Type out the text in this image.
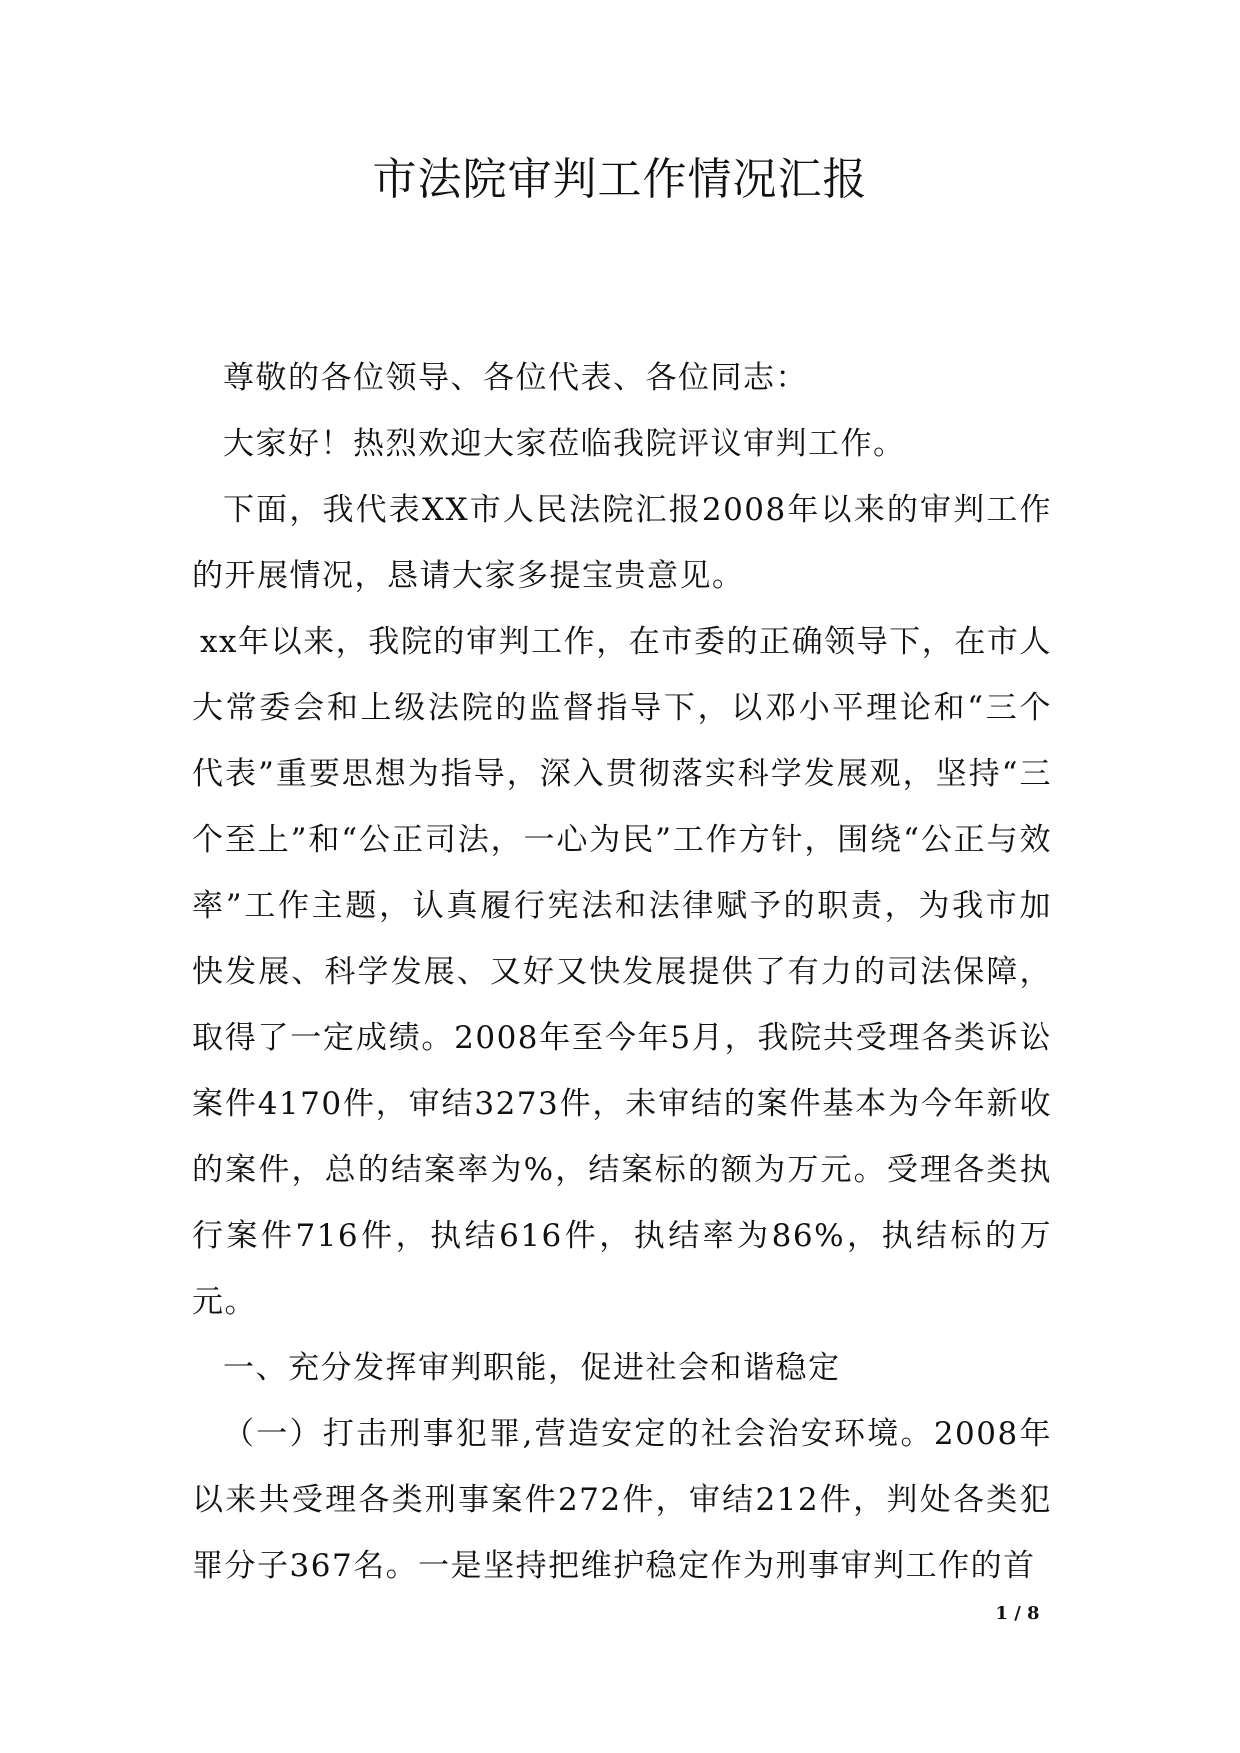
市法院审判工作情况汇报

尊敬的各位领导、各位代表、各位同志：

大家好！热烈欢迎大家莅临我院评议审判工作。

下面，我代表XX市人民法院汇报2008年以来的审判工作的开展情况，恳请大家多提宝贵意见。

xx年以来，我院的审判工作，在市委的正确领导下，在市人大常委会和上级法院的监督指导下，以邓小平理论和“三个代表”重要思想为指导，深入贯彻落实科学发展观，坚持“三个至上”和“公正司法，一心为民”工作方针，围绕“公正与效率”工作主题，认真履行宪法和法律赋予的职责，为我市加快发展、科学发展、又好又快发展提供了有力的司法保障，取得了一定成绩。2008年至今年5月，我院共受理各类诉讼案件4170件，审结3273件，未审结的案件基本为今年新收的案件，总的结案率为%，结案标的额为万元。受理各类执行案件716件，执结616件，执结率为86%，执结标的万元。

一、充分发挥审判职能，促进社会和谐稳定

（一）打击刑事犯罪,营造安定的社会治安环境。2008年以来共受理各类刑事案件272件，审结212件，判处各类犯罪分子367名。一是坚持把维护稳定作为刑事审判工作的首

1 / 8
